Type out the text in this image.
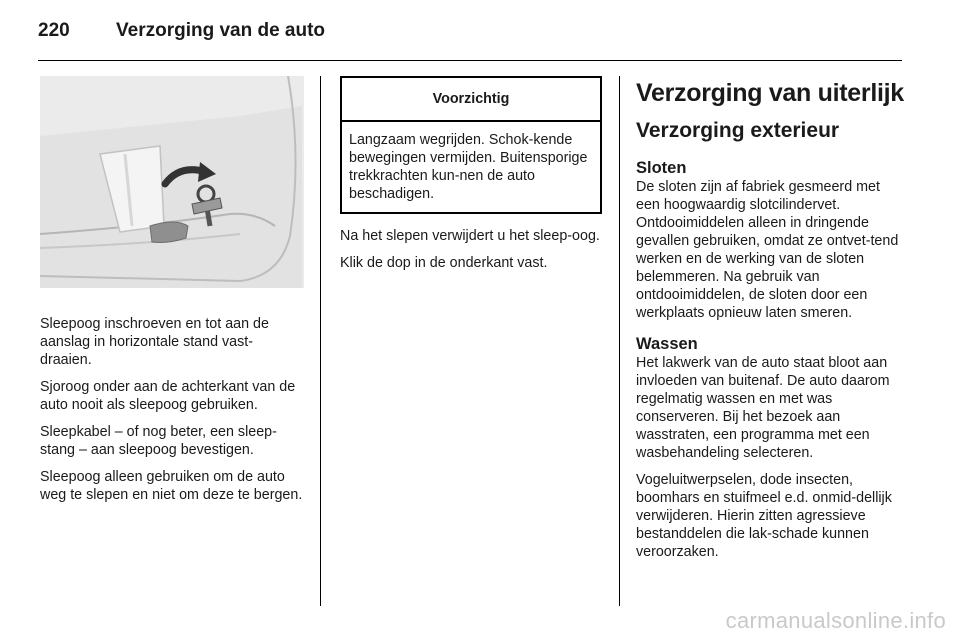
220	Verzorging van de auto

Sleepoog inschroeven en tot aan de aanslag in horizontale stand vast-draaien.

Sjoroog onder aan de achterkant van de auto nooit als sleepoog gebruiken.

Sleepkabel – of nog beter, een sleep-stang – aan sleepoog bevestigen.

Sleepoog alleen gebruiken om de auto weg te slepen en niet om deze te bergen.

Voorzichtig
Langzaam wegrijden. Schok-kende bewegingen vermijden. Buitensporige trekkrachten kun-nen de auto beschadigen.

Na het slepen verwijdert u het sleep-oog.

Klik de dop in de onderkant vast.

Verzorging van uiterlijk
Verzorging exterieur
Sloten

De sloten zijn af fabriek gesmeerd met een hoogwaardig slotcilindervet. Ontdooimiddelen alleen in dringende gevallen gebruiken, omdat ze ontvet-tend werken en de werking van de sloten belemmeren. Na gebruik van ontdooimiddelen, de sloten door een werkplaats opnieuw laten smeren.

Wassen

Het lakwerk van de auto staat bloot aan invloeden van buitenaf. De auto daarom regelmatig wassen en met was conserveren. Bij het bezoek aan wasstraten, een programma met een wasbehandeling selecteren.

Vogeluitwerpselen, dode insecten, boomhars en stuifmeel e.d. onmid-dellijk verwijderen. Hierin zitten agressieve bestanddelen die lak-schade kunnen veroorzaken.

carmanualsonline.info
